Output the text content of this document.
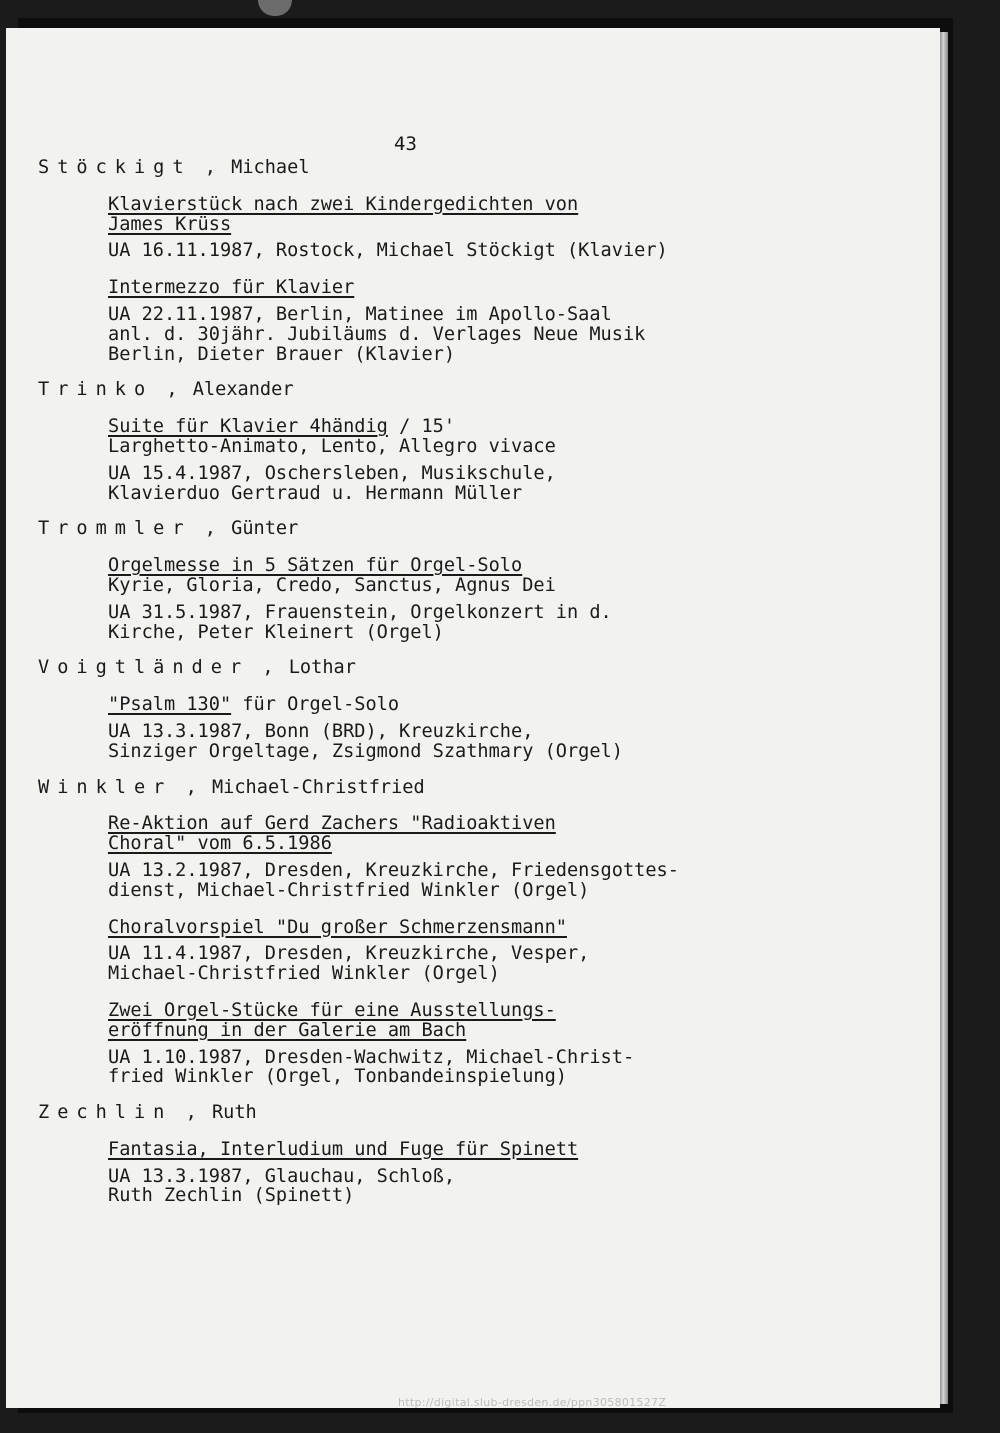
43
Stöckigt , Michael
Klavierstück nach zwei Kindergedichten von
James Krüss
UA 16.11.1987, Rostock, Michael Stöckigt (Klavier)
Intermezzo für Klavier
UA 22.11.1987, Berlin, Matinee im Apollo-Saal
anl. d. 30jähr. Jubiläums d. Verlages Neue Musik
Berlin, Dieter Brauer (Klavier)
Trinko , Alexander
Suite für Klavier 4händig / 15'
Larghetto-Animato, Lento, Allegro vivace
UA 15.4.1987, Oschersleben, Musikschule,
Klavierduo Gertraud u. Hermann Müller
Trommler , Günter
Orgelmesse in 5 Sätzen für Orgel-Solo
Kyrie, Gloria, Credo, Sanctus, Agnus Dei
UA 31.5.1987, Frauenstein, Orgelkonzert in d.
Kirche, Peter Kleinert (Orgel)
Voigtländer , Lothar
"Psalm 130" für Orgel-Solo
UA 13.3.1987, Bonn (BRD), Kreuzkirche,
Sinziger Orgeltage, Zsigmond Szathmary (Orgel)
Winkler , Michael-Christfried
Re-Aktion auf Gerd Zachers "Radioaktiven
Choral" vom 6.5.1986
UA 13.2.1987, Dresden, Kreuzkirche, Friedensgottes-
dienst, Michael-Christfried Winkler (Orgel)
Choralvorspiel "Du großer Schmerzensmann"
UA 11.4.1987, Dresden, Kreuzkirche, Vesper,
Michael-Christfried Winkler (Orgel)
Zwei Orgel-Stücke für eine Ausstellungs-
eröffnung in der Galerie am Bach
UA 1.10.1987, Dresden-Wachwitz, Michael-Christ-
fried Winkler (Orgel, Tonbandeinspielung)
Zechlin , Ruth
Fantasia, Interludium und Fuge für Spinett
UA 13.3.1987, Glauchau, Schloß,
Ruth Zechlin (Spinett)
http://digital.slub-dresden.de/ppn305801527Z
